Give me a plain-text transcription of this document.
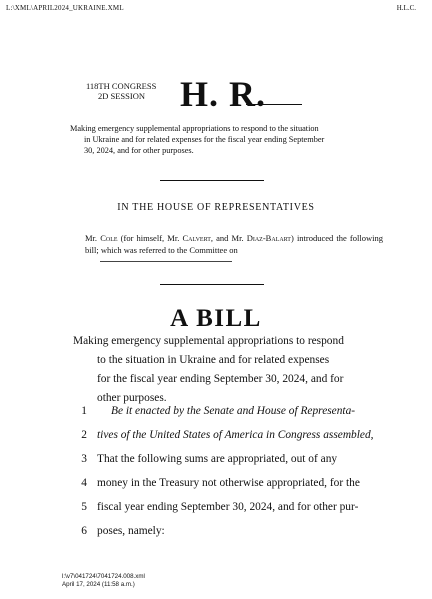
L:\XML\APRIL2024_UKRAINE.XML	H.L.C.
118TH CONGRESS
2D SESSION H. R.
Making emergency supplemental appropriations to respond to the situation
in Ukraine and for related expenses for the fiscal year ending September
30, 2024, and for other purposes.
IN THE HOUSE OF REPRESENTATIVES
Mr. Cole (for himself, Mr. Calvert, and Mr. Diaz-Balart) introduced the following bill; which was referred to the Committee on
A BILL
Making emergency supplemental appropriations to respond
to the situation in Ukraine and for related expenses
for the fiscal year ending September 30, 2024, and for
other purposes.
1 Be it enacted by the Senate and House of Representa-
2 tives of the United States of America in Congress assembled,
3 That the following sums are appropriated, out of any
4 money in the Treasury not otherwise appropriated, for the
5 fiscal year ending September 30, 2024, and for other pur-
6 poses, namely:
l:\v7\041724\7041724.008.xml
April 17, 2024 (11:58 a.m.)
